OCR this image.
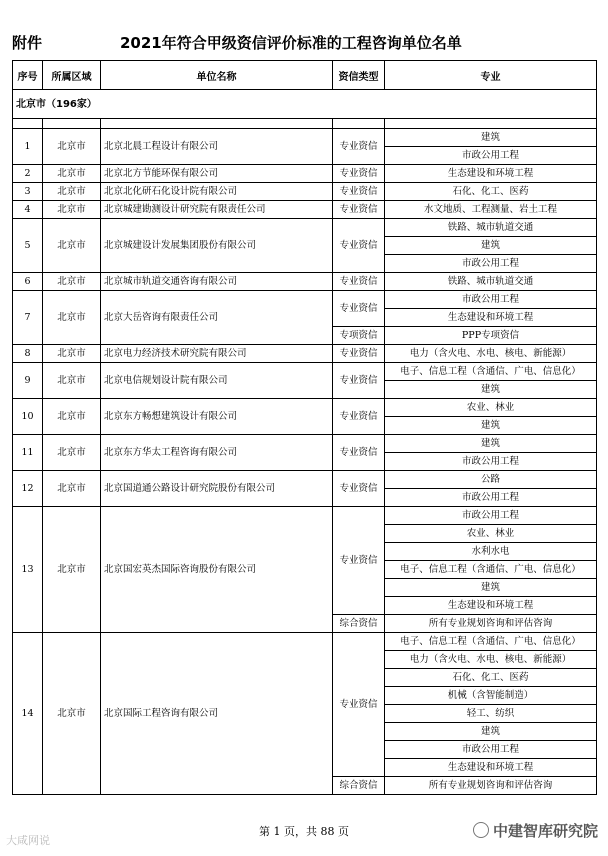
附件	2021年符合甲级资信评价标准的工程咨询单位名单
序号	所属区域	单位名称	资信类型	专业
北京市（196家）				

1	北京市	北京北晨工程设计有限公司	专业资信	建筑
				市政公用工程
2	北京市	北京北方节能环保有限公司	专业资信	生态建设和环境工程
3	北京市	北京北化研石化设计院有限公司	专业资信	石化、化工、医药
4	北京市	北京城建勘测设计研究院有限责任公司	专业资信	水文地质、工程测量、岩土工程
5	北京市	北京城建设计发展集团股份有限公司	专业资信	铁路、城市轨道交通
				建筑
				市政公用工程
6	北京市	北京城市轨道交通咨询有限公司	专业资信	铁路、城市轨道交通
7	北京市	北京大岳咨询有限责任公司	专业资信	市政公用工程
				生态建设和环境工程
			专项资信	PPP专项资信
8	北京市	北京电力经济技术研究院有限公司	专业资信	电力（含火电、水电、核电、新能源）
9	北京市	北京电信规划设计院有限公司	专业资信	电子、信息工程（含通信、广电、信息化）
				建筑
10	北京市	北京东方畅想建筑设计有限公司	专业资信	农业、林业
				建筑
11	北京市	北京东方华太工程咨询有限公司	专业资信	建筑
				市政公用工程
12	北京市	北京国道通公路设计研究院股份有限公司	专业资信	公路
				市政公用工程
13	北京市	北京国宏英杰国际咨询股份有限公司	专业资信	市政公用工程
				农业、林业
				水利水电
				电子、信息工程（含通信、广电、信息化）
				建筑
				生态建设和环境工程
			综合资信	所有专业规划咨询和评估咨询
14	北京市	北京国际工程咨询有限公司	专业资信	电子、信息工程（含通信、广电、信息化）
				电力（含火电、水电、核电、新能源）
				石化、化工、医药
				机械（含智能制造）
				轻工、纺织
				建筑
				市政公用工程
				生态建设和环境工程
			综合资信	所有专业规划咨询和评估咨询
第 1 页，共 88 页
大咸网说
中建智库研究院
